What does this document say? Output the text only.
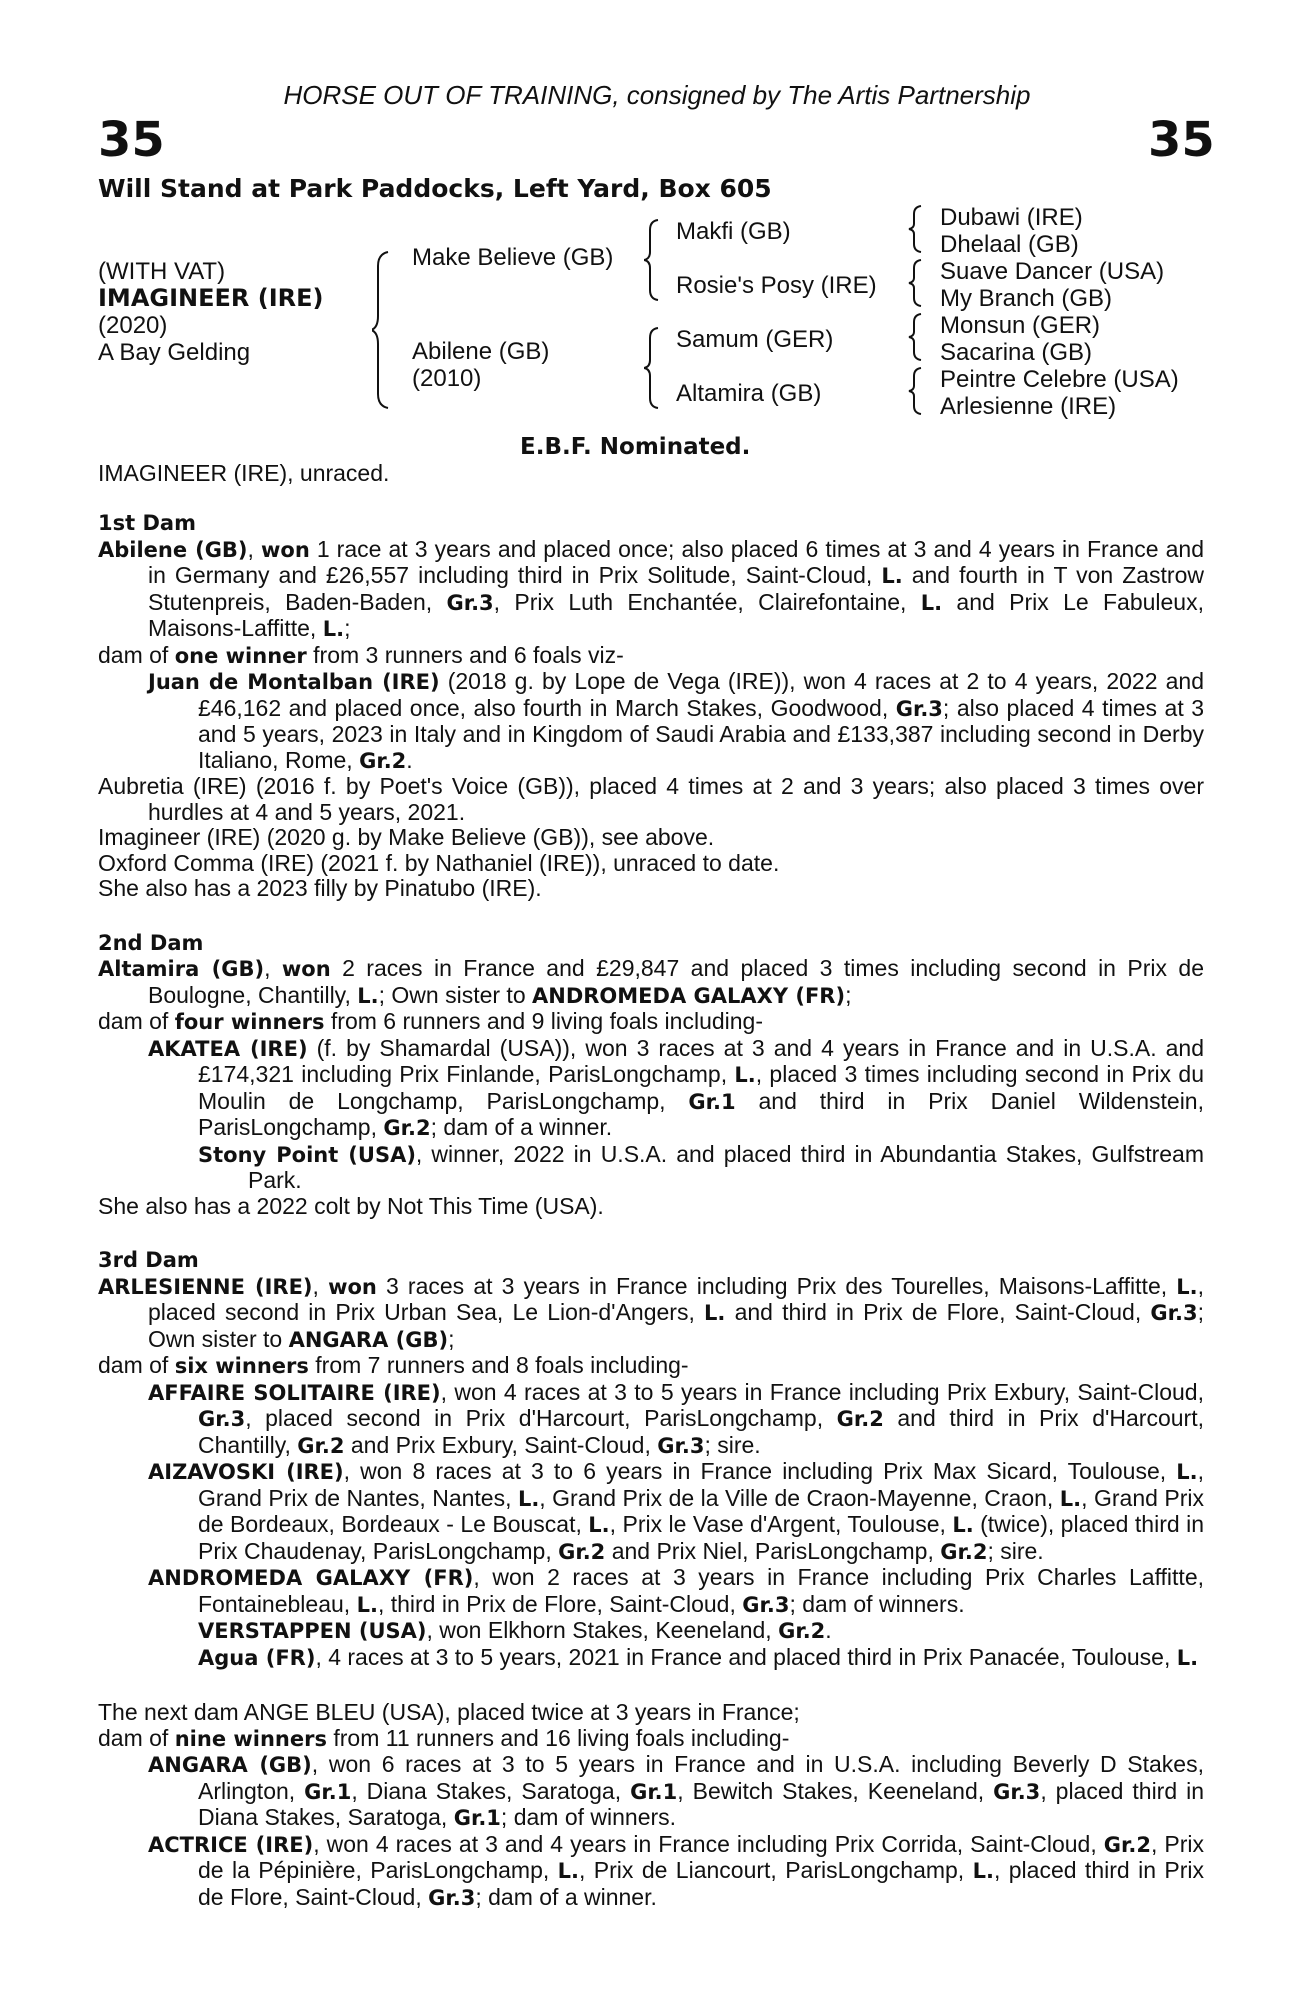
HORSE OUT OF TRAINING, consigned by The Artis Partnership
35	35
Will Stand at Park Paddocks, Left Yard, Box 605
(WITH VAT)
IMAGINEER (IRE)
(2020)
A Bay Gelding
Make Believe (GB)
Abilene (GB)
(2010)
Makfi (GB)
Rosie's Posy (IRE)
Samum (GER)
Altamira (GB)
Dubawi (IRE)
Dhelaal (GB)
Suave Dancer (USA)
My Branch (GB)
Monsun (GER)
Sacarina (GB)
Peintre Celebre (USA)
Arlesienne (IRE)
E.B.F. Nominated.
IMAGINEER (IRE), unraced.
1st Dam
Abilene (GB), won 1 race at 3 years and placed once; also placed 6 times at 3 and 4 years in France and in Germany and £26,557 including third in Prix Solitude, Saint-Cloud, L. and fourth in T von Zastrow Stutenpreis, Baden-Baden, Gr.3, Prix Luth Enchantée, Clairefontaine, L. and Prix Le Fabuleux, Maisons-Laffitte, L.;
dam of one winner from 3 runners and 6 foals viz-
Juan de Montalban (IRE) (2018 g. by Lope de Vega (IRE)), won 4 races at 2 to 4 years, 2022 and £46,162 and placed once, also fourth in March Stakes, Goodwood, Gr.3; also placed 4 times at 3 and 5 years, 2023 in Italy and in Kingdom of Saudi Arabia and £133,387 including second in Derby Italiano, Rome, Gr.2.
Aubretia (IRE) (2016 f. by Poet's Voice (GB)), placed 4 times at 2 and 3 years; also placed 3 times over hurdles at 4 and 5 years, 2021.
Imagineer (IRE) (2020 g. by Make Believe (GB)), see above.
Oxford Comma (IRE) (2021 f. by Nathaniel (IRE)), unraced to date.
She also has a 2023 filly by Pinatubo (IRE).
2nd Dam
Altamira (GB), won 2 races in France and £29,847 and placed 3 times including second in Prix de Boulogne, Chantilly, L.; Own sister to ANDROMEDA GALAXY (FR);
dam of four winners from 6 runners and 9 living foals including-
AKATEA (IRE) (f. by Shamardal (USA)), won 3 races at 3 and 4 years in France and in U.S.A. and £174,321 including Prix Finlande, ParisLongchamp, L., placed 3 times including second in Prix du Moulin de Longchamp, ParisLongchamp, Gr.1 and third in Prix Daniel Wildenstein, ParisLongchamp, Gr.2; dam of a winner.
Stony Point (USA), winner, 2022 in U.S.A. and placed third in Abundantia Stakes, Gulfstream Park.
She also has a 2022 colt by Not This Time (USA).
3rd Dam
ARLESIENNE (IRE), won 3 races at 3 years in France including Prix des Tourelles, Maisons-Laffitte, L., placed second in Prix Urban Sea, Le Lion-d'Angers, L. and third in Prix de Flore, Saint-Cloud, Gr.3; Own sister to ANGARA (GB);
dam of six winners from 7 runners and 8 foals including-
AFFAIRE SOLITAIRE (IRE), won 4 races at 3 to 5 years in France including Prix Exbury, Saint-Cloud, Gr.3, placed second in Prix d'Harcourt, ParisLongchamp, Gr.2 and third in Prix d'Harcourt, Chantilly, Gr.2 and Prix Exbury, Saint-Cloud, Gr.3; sire.
AIZAVOSKI (IRE), won 8 races at 3 to 6 years in France including Prix Max Sicard, Toulouse, L., Grand Prix de Nantes, Nantes, L., Grand Prix de la Ville de Craon-Mayenne, Craon, L., Grand Prix de Bordeaux, Bordeaux - Le Bouscat, L., Prix le Vase d'Argent, Toulouse, L. (twice), placed third in Prix Chaudenay, ParisLongchamp, Gr.2 and Prix Niel, ParisLongchamp, Gr.2; sire.
ANDROMEDA GALAXY (FR), won 2 races at 3 years in France including Prix Charles Laffitte, Fontainebleau, L., third in Prix de Flore, Saint-Cloud, Gr.3; dam of winners.
VERSTAPPEN (USA), won Elkhorn Stakes, Keeneland, Gr.2.
Agua (FR), 4 races at 3 to 5 years, 2021 in France and placed third in Prix Panacée, Toulouse, L.
The next dam ANGE BLEU (USA), placed twice at 3 years in France;
dam of nine winners from 11 runners and 16 living foals including-
ANGARA (GB), won 6 races at 3 to 5 years in France and in U.S.A. including Beverly D Stakes, Arlington, Gr.1, Diana Stakes, Saratoga, Gr.1, Bewitch Stakes, Keeneland, Gr.3, placed third in Diana Stakes, Saratoga, Gr.1; dam of winners.
ACTRICE (IRE), won 4 races at 3 and 4 years in France including Prix Corrida, Saint-Cloud, Gr.2, Prix de la Pépinière, ParisLongchamp, L., Prix de Liancourt, ParisLongchamp, L., placed third in Prix de Flore, Saint-Cloud, Gr.3; dam of a winner.
